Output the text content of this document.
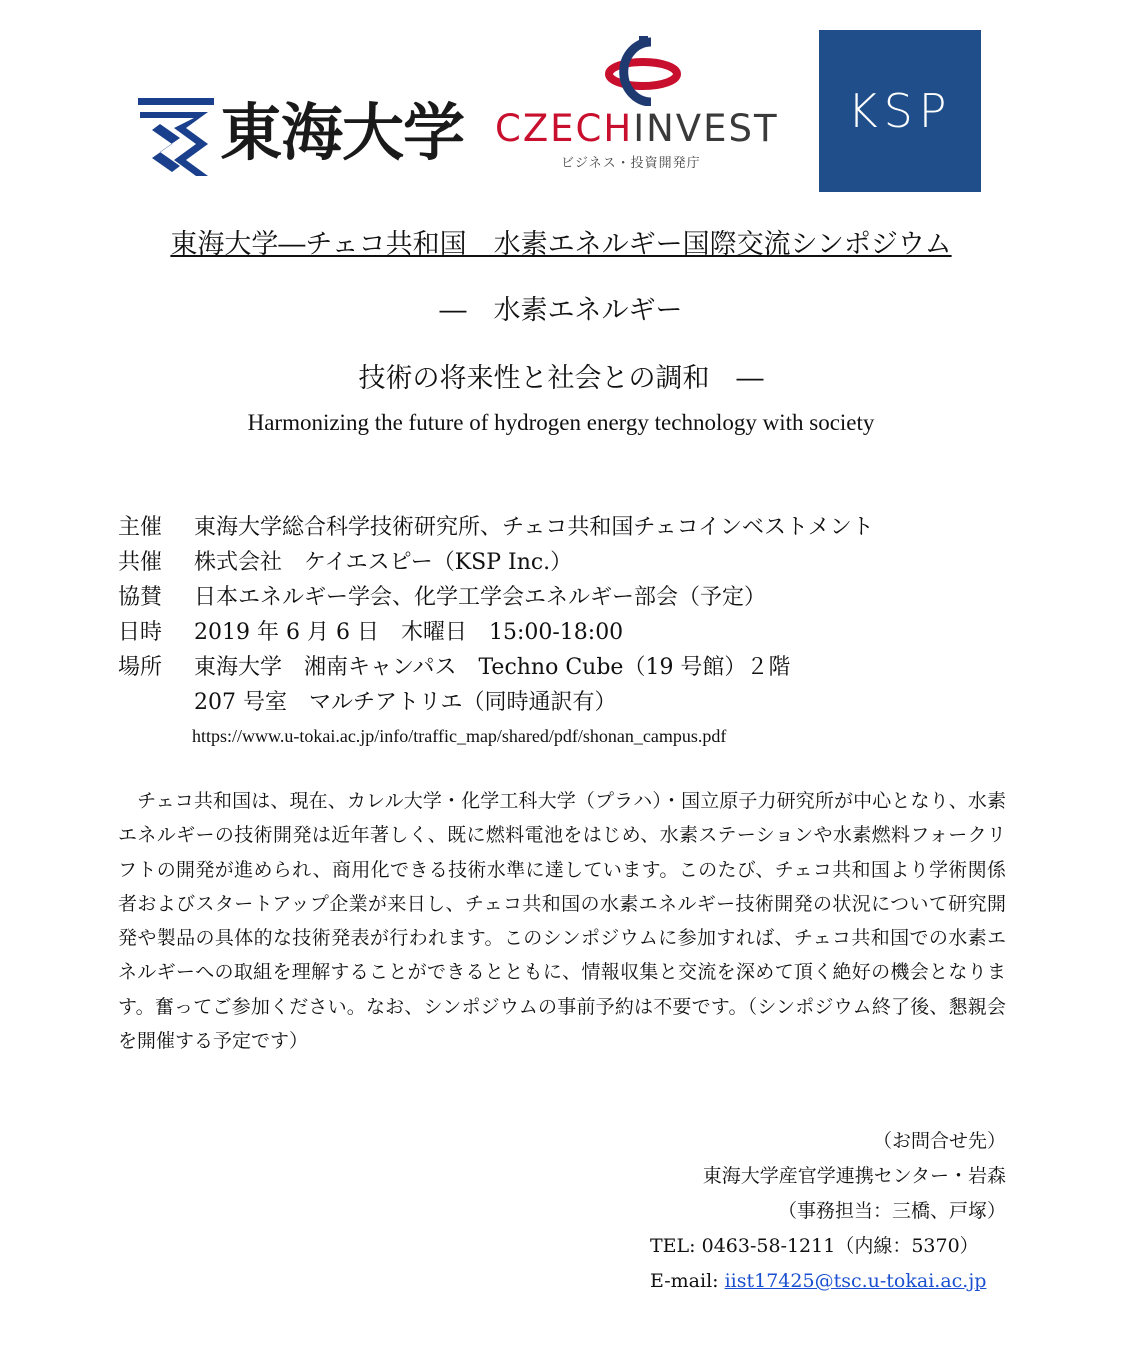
東海大学 CZECHINVEST
ビジネス・投資開発庁
KSP
東海大学―チェコ共和国　水素エネルギー国際交流シンポジウム
―　水素エネルギー
技術の将来性と社会との調和　―
Harmonizing the future of hydrogen energy technology with society
主催 東海大学総合科学技術研究所、チェコ共和国チェコインベストメント
共催 株式会社　ケイエスピー（KSP Inc.）
協賛 日本エネルギー学会、化学工学会エネルギー部会（予定）
日時 2019 年 6 月 6 日　木曜日　15:00-18:00
場所 東海大学　湘南キャンパス　Techno Cube（19 号館）２階
207 号室　マルチアトリエ（同時通訳有）
https://www.u-tokai.ac.jp/info/traffic_map/shared/pdf/shonan_campus.pdf
　チェコ共和国は、現在、カレル大学・化学工科大学（プラハ）・国立原子力研究所が中心となり、水素エネルギーの技術開発は近年著しく、既に燃料電池をはじめ、水素ステーションや水素燃料フォークリフトの開発が進められ、商用化できる技術水準に達しています。このたび、チェコ共和国より学術関係者およびスタートアップ企業が来日し、チェコ共和国の水素エネルギー技術開発の状況について研究開発や製品の具体的な技術発表が行われます。このシンポジウムに参加すれば、チェコ共和国での水素エネルギーへの取組を理解することができるとともに、情報収集と交流を深めて頂く絶好の機会となります。奮ってご参加ください。なお、シンポジウムの事前予約は不要です。（シンポジウム終了後、懇親会を開催する予定です）
（お問合せ先）
東海大学産官学連携センター・岩森
（事務担当：三橋、戸塚）
TEL: 0463-58-1211（内線：5370）
E-mail: iist17425@tsc.u-tokai.ac.jp
